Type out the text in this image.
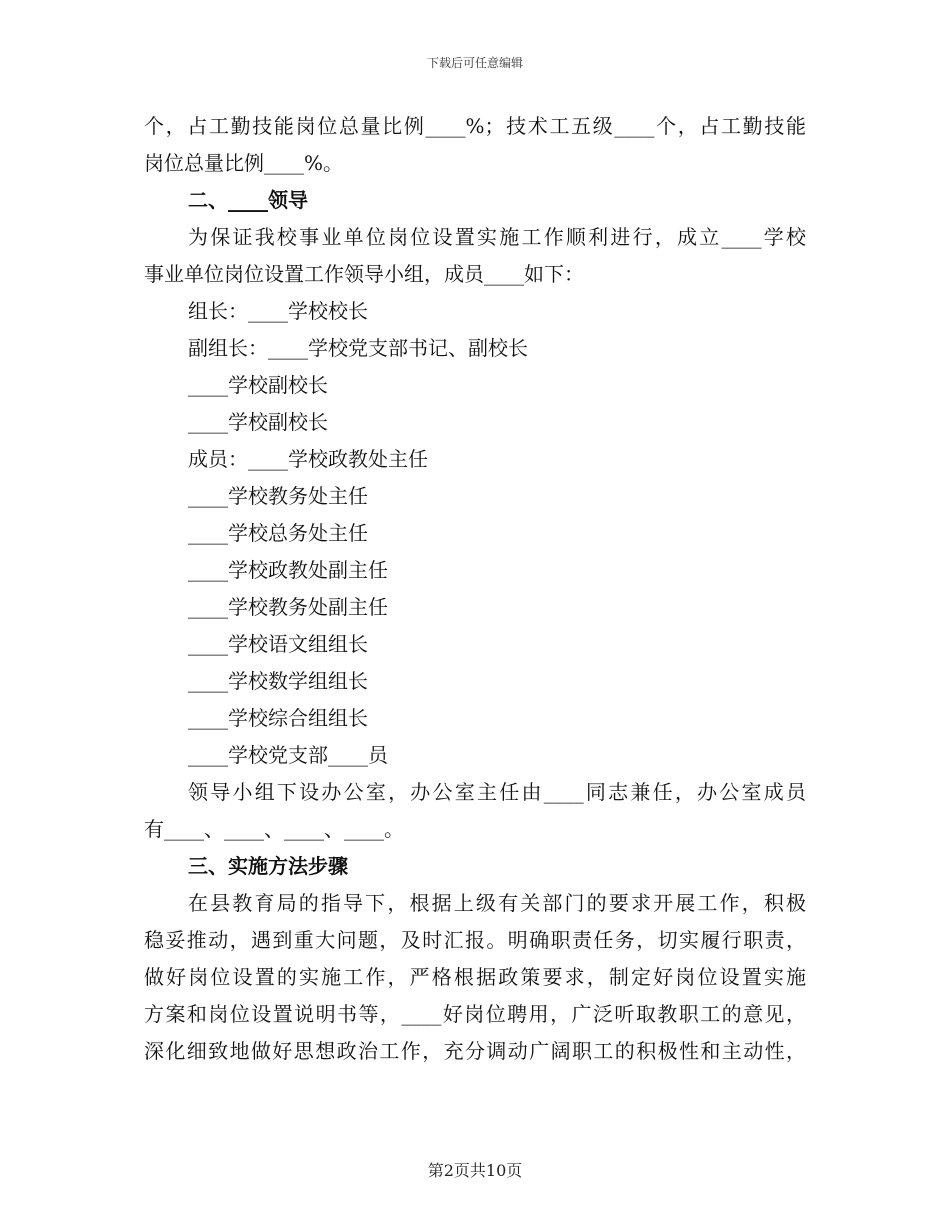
下载后可任意编辑
个，占工勤技能岗位总量比例____%；技术工五级____个，占工勤技能
岗位总量比例____%。
二、____领导
为保证我校事业单位岗位设置实施工作顺利进行，成立____学校
事业单位岗位设置工作领导小组，成员____如下：
组长：____学校校长
副组长：____学校党支部书记、副校长
____学校副校长
____学校副校长
成员：____学校政教处主任
____学校教务处主任
____学校总务处主任
____学校政教处副主任
____学校教务处副主任
____学校语文组组长
____学校数学组组长
____学校综合组组长
____学校党支部____员
领导小组下设办公室，办公室主任由____同志兼任，办公室成员
有____、____、____、____。
三、实施方法步骤
在县教育局的指导下，根据上级有关部门的要求开展工作，积极
稳妥推动，遇到重大问题，及时汇报。明确职责任务，切实履行职责，
做好岗位设置的实施工作，严格根据政策要求，制定好岗位设置实施
方案和岗位设置说明书等，____好岗位聘用，广泛听取教职工的意见，
深化细致地做好思想政治工作，充分调动广阔职工的积极性和主动性，
第2页共10页
